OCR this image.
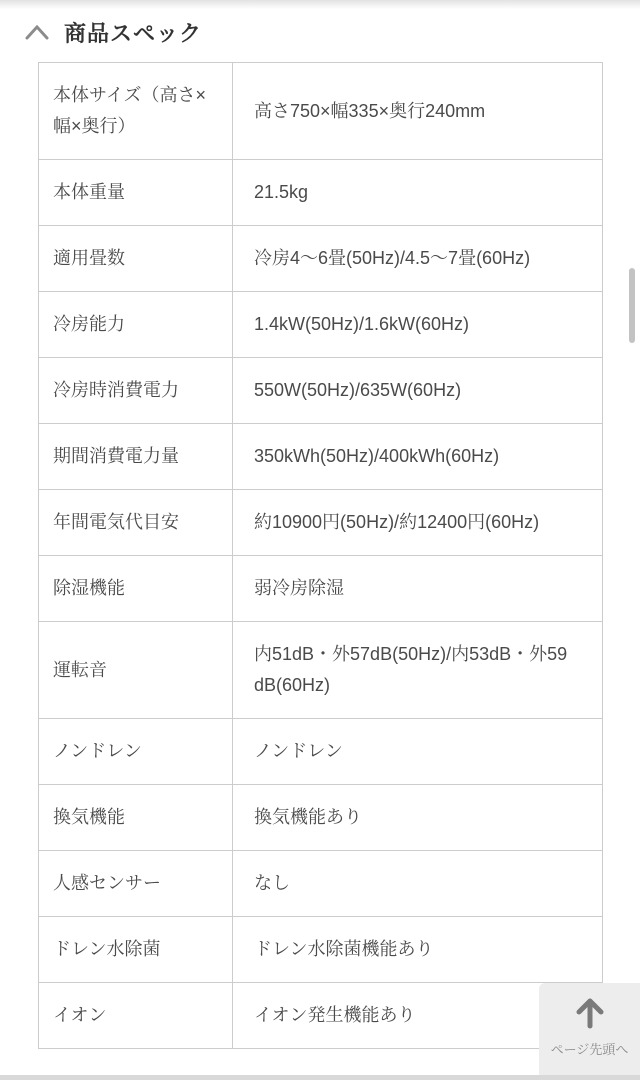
商品スペック
本体サイズ（高さ×幅×奥行）	高さ750×幅335×奥行240mm
本体重量	21.5kg
適用畳数	冷房4〜6畳(50Hz)/4.5〜7畳(60Hz)
冷房能力	1.4kW(50Hz)/1.6kW(60Hz)
冷房時消費電力	550W(50Hz)/635W(60Hz)
期間消費電力量	350kWh(50Hz)/400kWh(60Hz)
年間電気代目安	約10900円(50Hz)/約12400円(60Hz)
除湿機能	弱冷房除湿
運転音	内51dB・外57dB(50Hz)/内53dB・外59dB(60Hz)
ノンドレン	ノンドレン
換気機能	換気機能あり
人感センサー	なし
ドレン水除菌	ドレン水除菌機能あり
イオン	イオン発生機能あり
ページ先頭へ
